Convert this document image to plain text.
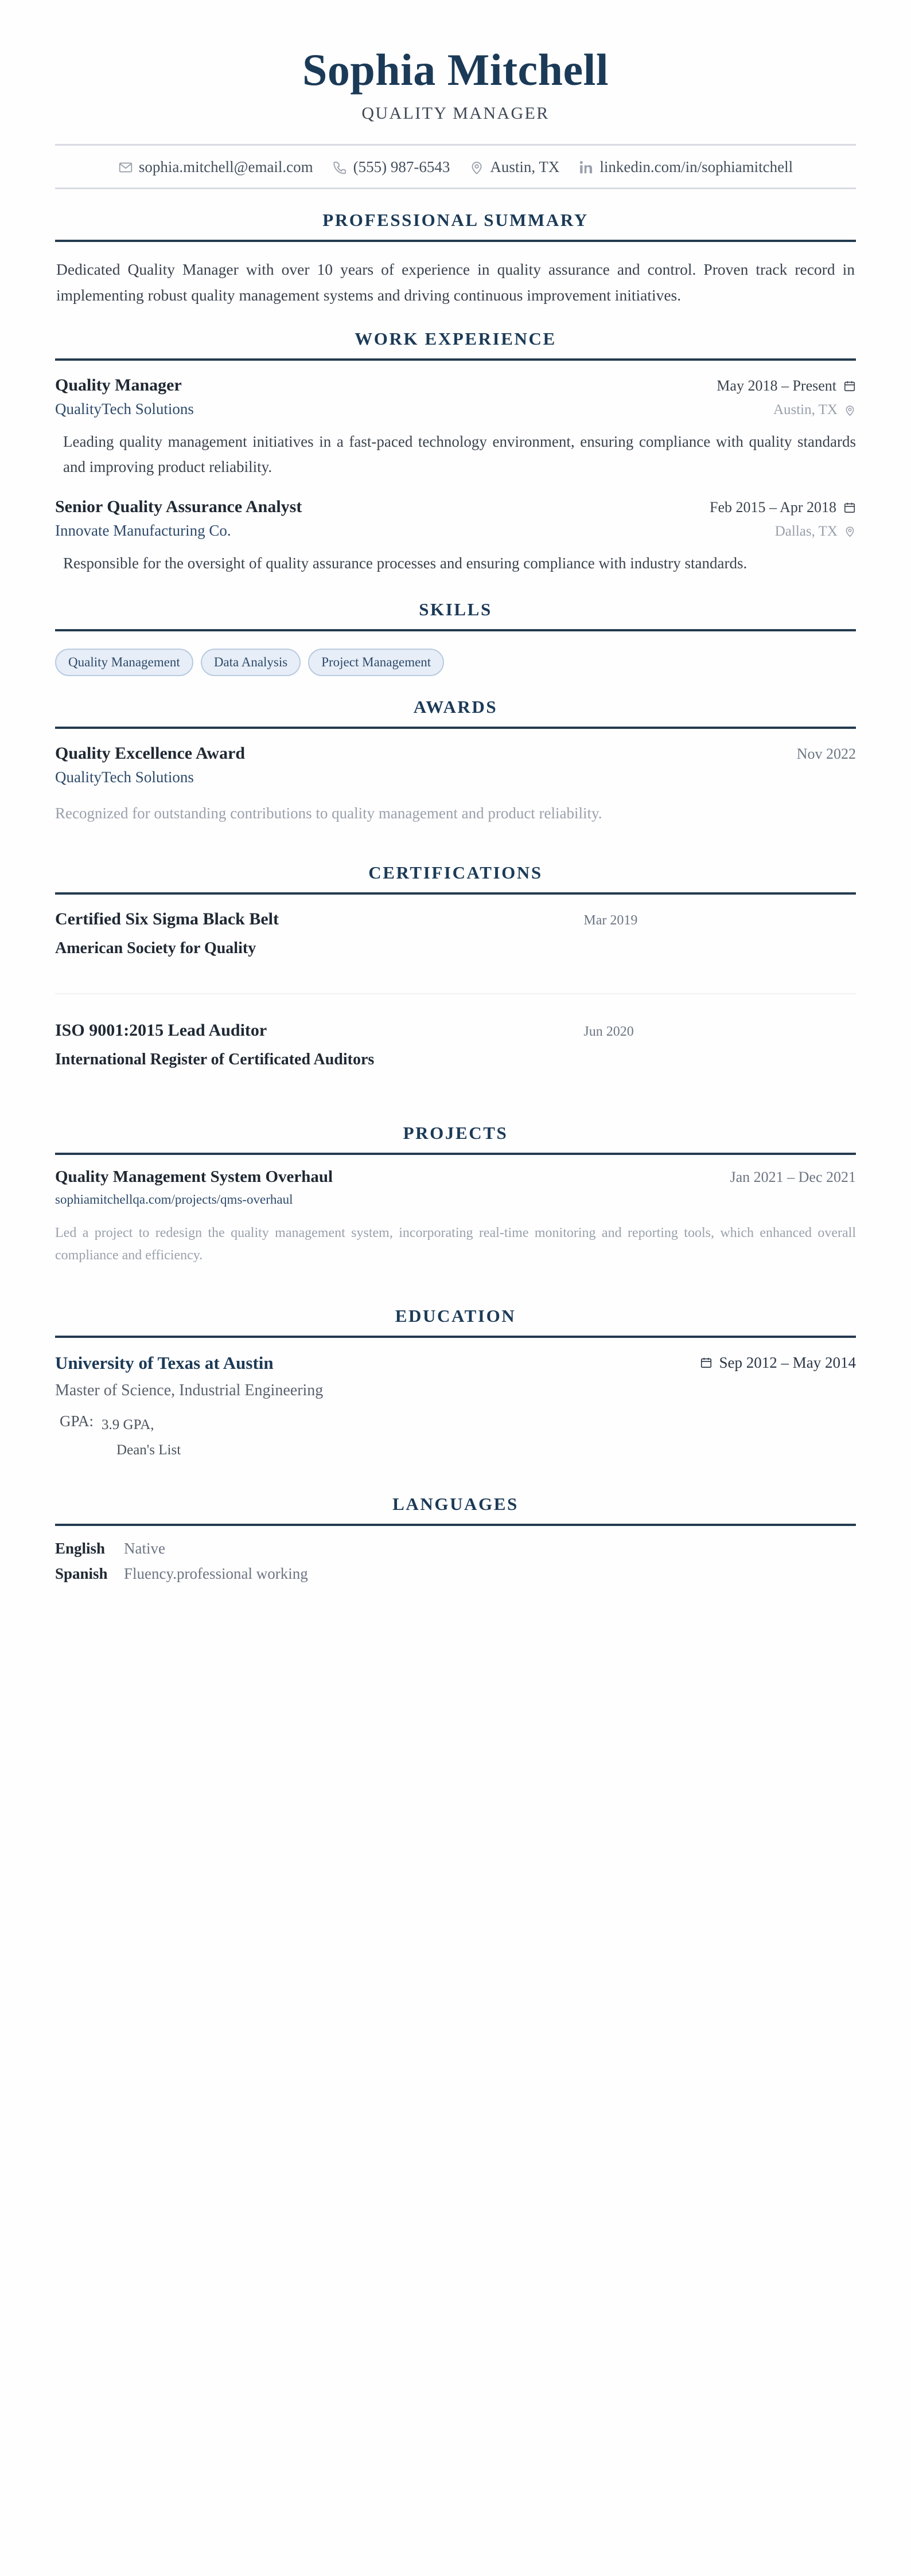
Sophia Mitchell
QUALITY MANAGER
sophia.mitchell@email.com	(555) 987-6543	Austin, TX	linkedin.com/in/sophiamitchell
PROFESSIONAL SUMMARY
Dedicated Quality Manager with over 10 years of experience in quality assurance and control. Proven track record in implementing robust quality management systems and driving continuous improvement initiatives.
WORK EXPERIENCE
Quality Manager	May 2018 – Present
QualityTech Solutions	Austin, TX
Leading quality management initiatives in a fast-paced technology environment, ensuring compliance with quality standards and improving product reliability.
Senior Quality Assurance Analyst	Feb 2015 – Apr 2018
Innovate Manufacturing Co.	Dallas, TX
Responsible for the oversight of quality assurance processes and ensuring compliance with industry standards.
SKILLS
Quality Management	Data Analysis	Project Management
AWARDS
Quality Excellence Award	Nov 2022
QualityTech Solutions
Recognized for outstanding contributions to quality management and product reliability.
CERTIFICATIONS
Certified Six Sigma Black Belt	Mar 2019
American Society for Quality
ISO 9001:2015 Lead Auditor	Jun 2020
International Register of Certificated Auditors
PROJECTS
Quality Management System Overhaul	Jan 2021 – Dec 2021
sophiamitchellqa.com/projects/qms-overhaul
Led a project to redesign the quality management system, incorporating real-time monitoring and reporting tools, which enhanced overall compliance and efficiency.
EDUCATION
University of Texas at Austin	Sep 2012 – May 2014
Master of Science, Industrial Engineering
GPA: 3.9 GPA,
Dean's List
LANGUAGES
English	Native
Spanish	Fluency.professional working
